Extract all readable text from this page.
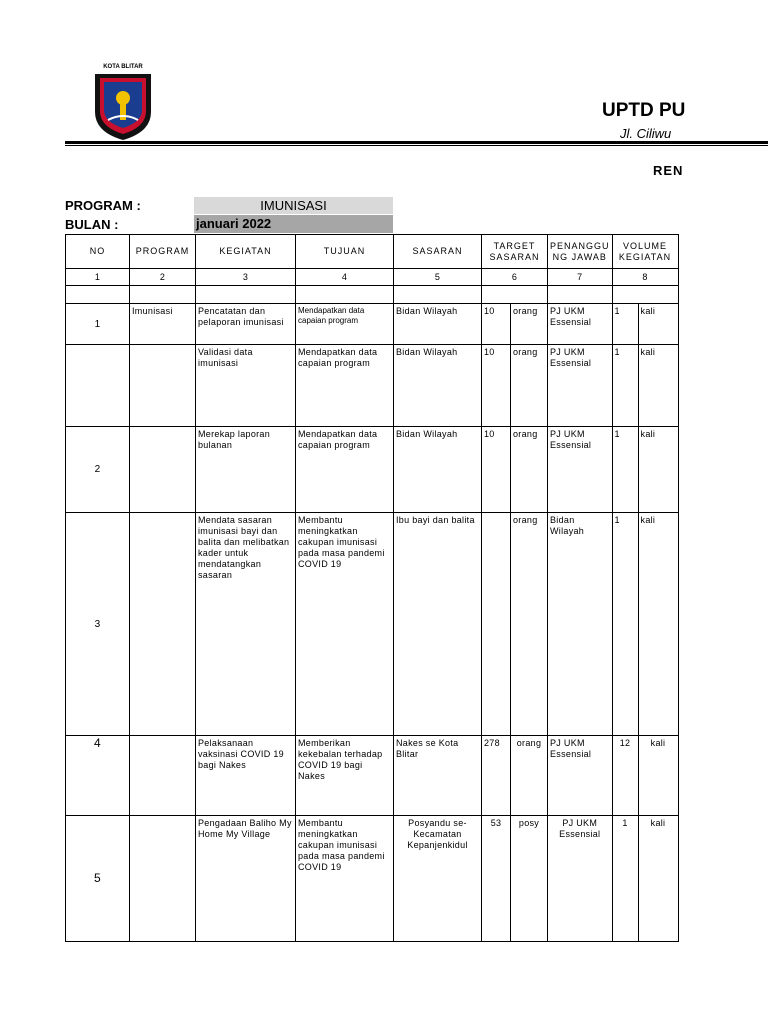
KOTA BLITAR
UPTD PU
Jl. Ciliwu
REN
PROGRAM :	IMUNISASI
BULAN :	januari 2022
NO	PROGRAM	KEGIATAN	TUJUAN	SASARAN	TARGET SASARAN		PENANGGU NG JAWAB	VOLUME KEGIATAN	
1	2	3	4	5	6		7	8	

1	Imunisasi	Pencatatan dan pelaporan imunisasi	Mendapatkan data capaian program	Bidan Wilayah	10	orang	PJ UKM Essensial	1	kali
		Validasi data imunisasi	Mendapatkan data capaian program	Bidan Wilayah	10	orang	PJ UKM Essensial	1	kali
2		Merekap laporan bulanan	Mendapatkan data capaian program	Bidan Wilayah	10	orang	PJ UKM Essensial	1	kali
3		Mendata sasaran imunisasi bayi dan balita dan melibatkan kader untuk mendatangkan sasaran	Membantu meningkatkan cakupan imunisasi pada masa pandemi COVID 19	Ibu bayi dan balita		orang	Bidan Wilayah	1	kali
4		Pelaksanaan vaksinasi COVID 19 bagi Nakes	Memberikan kekebalan terhadap COVID 19 bagi Nakes	Nakes se Kota Blitar	278	orang	PJ UKM Essensial	12	kali
5		Pengadaan Baliho My Home My Village	Membantu meningkatkan cakupan imunisasi pada masa pandemi COVID 19	Posyandu se-Kecamatan Kepanjenkidul	53	posy	PJ UKM Essensial	1	kali
